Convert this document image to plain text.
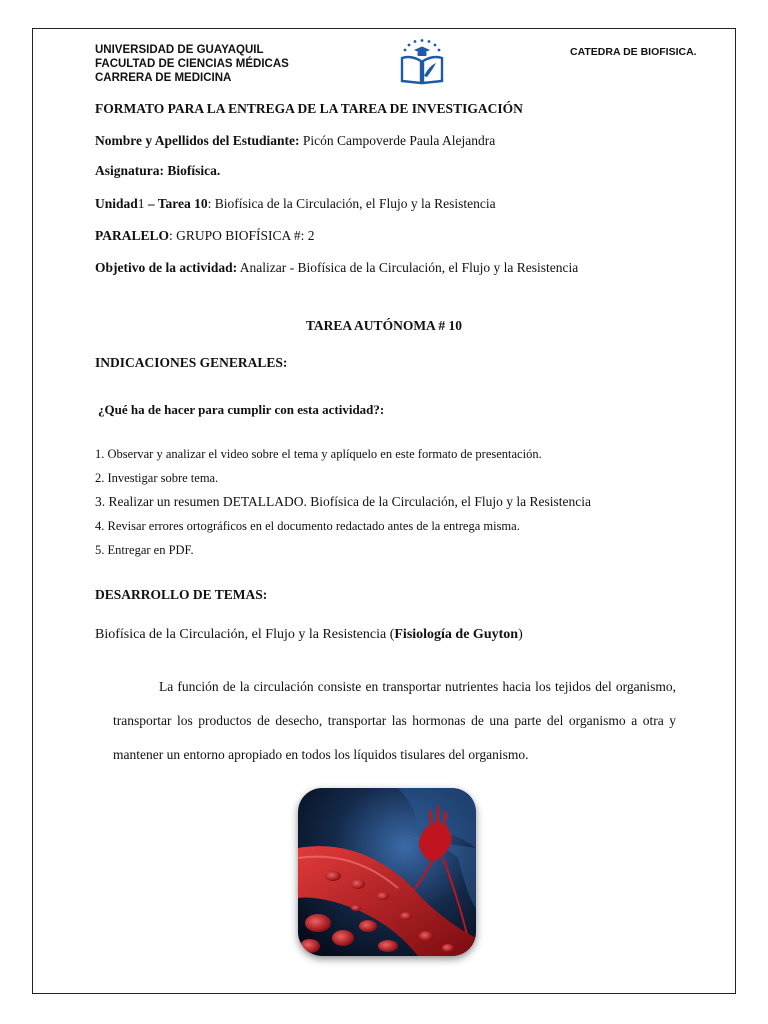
UNIVERSIDAD DE GUAYAQUIL
FACULTAD DE CIENCIAS MÉDICAS
CARRERA DE MEDICINA
CATEDRA DE BIOFISICA.
FORMATO PARA LA ENTREGA DE LA TAREA DE INVESTIGACIÓN
Nombre y Apellidos del Estudiante: Picón Campoverde Paula Alejandra
Asignatura: Biofísica.
Unidad1 – Tarea 10: Biofísica de la Circulación, el Flujo y la Resistencia
PARALELO: GRUPO BIOFÍSICA #: 2
Objetivo de la actividad: Analizar - Biofísica de la Circulación, el Flujo y la Resistencia
TAREA AUTÓNOMA # 10
INDICACIONES GENERALES:
¿Qué ha de hacer para cumplir con esta actividad?:
1. Observar y analizar el video sobre el tema y aplíquelo en este formato de presentación.
2. Investigar sobre tema.
3. Realizar un resumen DETALLADO. Biofísica de la Circulación, el Flujo y la Resistencia
4. Revisar errores ortográficos en el documento redactado antes de la entrega misma.
5. Entregar en PDF.
DESARROLLO DE TEMAS:
Biofísica de la Circulación, el Flujo y la Resistencia (Fisiología de Guyton)
La función de la circulación consiste en transportar nutrientes hacia los tejidos del organismo, transportar los productos de desecho, transportar las hormonas de una parte del organismo a otra y mantener un entorno apropiado en todos los líquidos tisulares del organismo.
